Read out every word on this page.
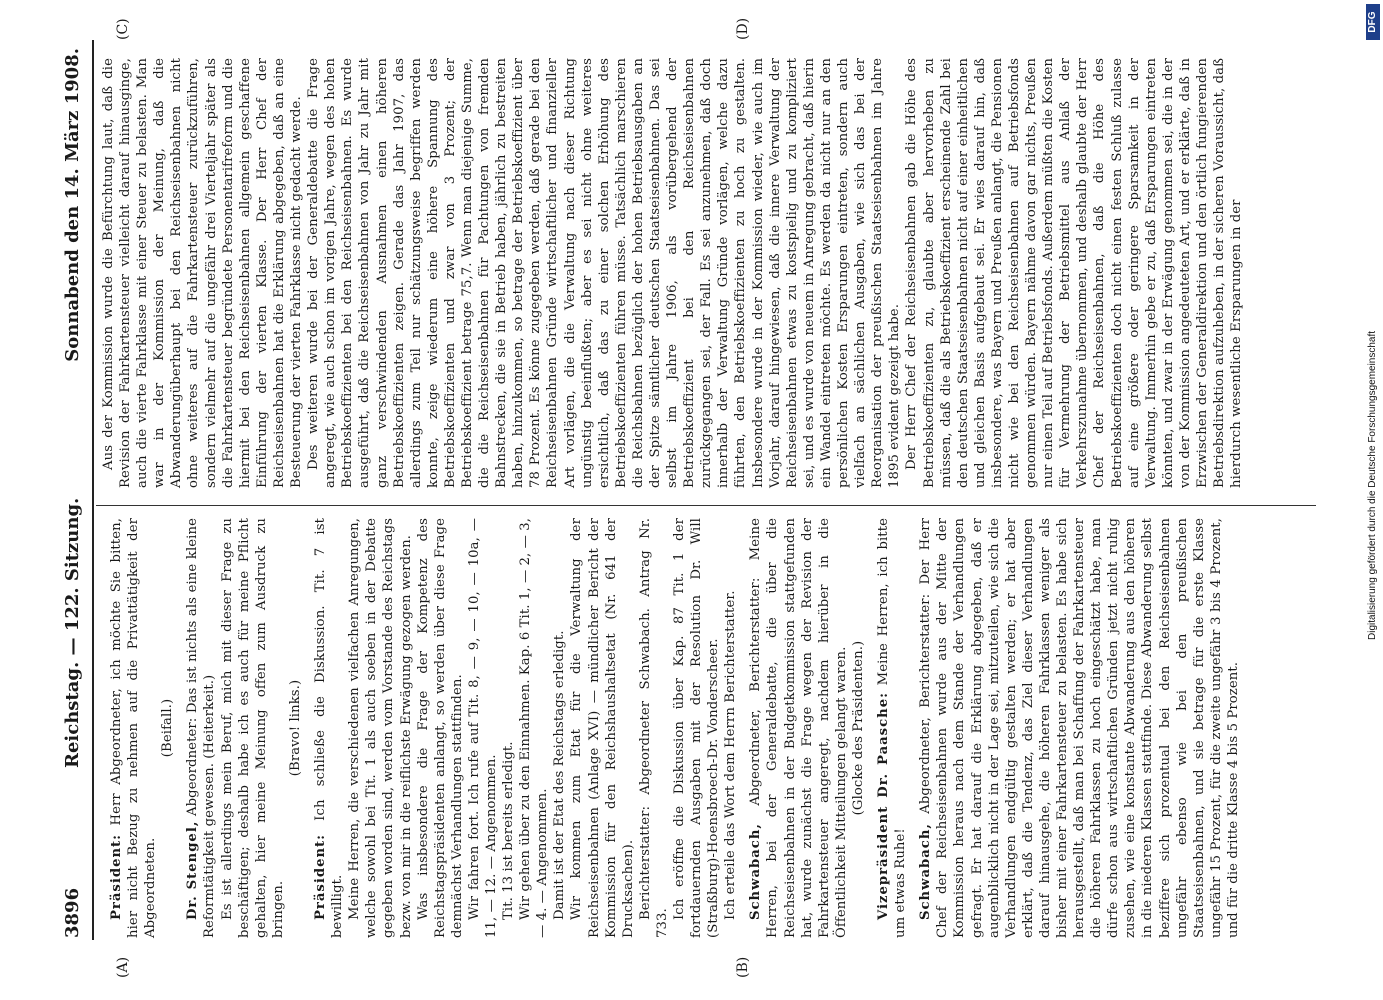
3896
Reichstag. — 122. Sitzung.
Sonnabend den 14. März 1908.
(A)	(B)
(C)	(D)

Präsident: Herr Abgeordneter, ich möchte Sie bitten, hier nicht Bezug zu nehmen auf die Privattätigkeit der Abgeordneten.

(Beifall.)

Dr. Stengel, Abgeordneter: Das ist nichts als eine kleine Reformtätigkeit gewesen. (Heiterkeit.) Es ist allerdings mein Beruf, mich mit dieser Frage zu beschäftigen; deshalb habe ich es auch für meine Pflicht gehalten, hier meine Meinung offen zum Ausdruck zu bringen.

(Bravo! links.)

Präsident: Ich schließe die Diskussion. Tit. 7 ist bewilligt. Meine Herren, die verschiedenen vielfachen Anregungen, welche sowohl bei Tit. 1 als auch soeben in der Debatte gegeben worden sind, werden vom Vorstande des Reichstags bezw. von mir in die reiflichste Erwägung gezogen werden. Was insbesondere die Frage der Kompetenz des Reichstagspräsidenten anlangt, so werden über diese Frage demnächst Verhandlungen stattfinden. Wir fahren fort. Ich rufe auf Tit. 8, — 9, — 10, — 10a, — 11, — 12. — Angenommen. Tit. 13 ist bereits erledigt. Wir gehen über zu den Einnahmen. Kap. 6 Tit. 1, — 2, — 3, — 4. — Angenommen. Damit ist der Etat des Reichstags erledigt. Wir kommen zum Etat für die Verwaltung der Reichseisenbahnen (Anlage XVI) — mündlicher Bericht der Kommission für den Reichshaushaltsetat (Nr. 641 der Drucksachen). Berichterstatter: Abgeordneter Schwabach. Antrag Nr. 733.

Ich eröffne die Diskussion über Kap. 87 Tit. 1 der fortdauernden Ausgaben mit der Resolution Dr. Will (Straßburg)-Hoensbroech-Dr. Vonderscheer. Ich erteile das Wort dem Herrn Berichterstatter. Schwabach, Abgeordneter, Berichterstatter: Meine Herren, bei der Generaldebatte, die über die Reichseisenbahnen in der Budgetkommission stattgefunden hat, wurde zunächst die Frage wegen der Revision der Fahrkartensteuer angeregt, nachdem hierüber in die Öffentlichkeit Mitteilungen gelangt waren. (Glocke des Präsidenten.) Vizepräsident Dr. Paasche: Meine Herren, ich bitte um etwas Ruhe! Schwabach, Abgeordneter, Berichterstatter: Der Herr Chef der Reichseisenbahnen wurde aus der Mitte der Kommission heraus nach dem Stande der Verhandlungen gefragt. Er hat darauf die Erklärung abgegeben, daß er augenblicklich nicht in der Lage sei, mitzuteilen, wie sich die Verhandlungen endgültig gestalten werden; er hat aber erklärt, daß die Tendenz, das Ziel dieser Verhandlungen darauf hinausgehe, die höheren Fahrklassen weniger als bisher mit einer Fahrkartensteuer zu belasten. Es habe sich herausgestellt, daß man bei Schaffung der Fahrkartensteuer die höheren Fahrklassen zu hoch eingeschätzt habe, man dürfe schon aus wirtschaftlichen Gründen jetzt nicht ruhig zusehen, wie eine konstante Abwanderung aus den höheren in die niederen Klassen stattfinde. Diese Abwanderung selbst beziffere sich prozentual bei den Reichseisenbahnen ungefähr ebenso wie bei den preußischen Staatseisenbahnen, und sie betrage für die erste Klasse ungefähr 15 Prozent, für die zweite ungefähr 3 bis 4 Prozent, und für die dritte Klasse 4 bis 5 Prozent.

Aus der Kommission wurde die Befürchtung laut, daß die Revision der Fahrkartensteuer vielleicht darauf hinausginge, auch die vierte Fahrklasse mit einer Steuer zu belasten. Man war in der Kommission der Meinung, daß die Abwanderungüberhaupt bei den Reichseisenbahnen nicht ohne weiteres auf die Fahrkartensteuer zurückzuführen, sondern vielmehr auf die ungefähr drei Vierteljahr später als die Fahrkartensteuer begründete Personentarifreform und die hiermit bei den Reichseisenbahnen allgemein geschaffene Einführung der vierten Klasse. Der Herr Chef der Reichseisenbahnen hat die Erklärung abgegeben, daß an eine Besteuerung der vierten Fahrklasse nicht gedacht werde. Des weiteren wurde bei der Generaldebatte die Frage angeregt, wie auch schon im vorigen Jahre, wegen des hohen Betriebskoeffizienten bei den Reichseisenbahnen. Es wurde ausgeführt, daß die Reichseisenbahnen von Jahr zu Jahr mit ganz verschwindenden Ausnahmen einen höheren Betriebskoeffizienten zeigen. Gerade das Jahr 1907, das allerdings zum Teil nur schätzungsweise begriffen werden konnte, zeige wiederum eine höhere Spannung des Betriebskoeffizienten und zwar von 3 Prozent; der Betriebskoeffizient betrage 75,7. Wenn man diejenige Summe, die die Reichseisenbahnen für Pachtungen von fremden Bahnstrecken, die sie in Betrieb haben, jährlich zu bestreiten haben, hinzukommen, so betrage der Betriebskoeffizient über 78 Prozent. Es könne zugegeben werden, daß gerade bei den Reichseisenbahnen Gründe wirtschaftlicher und finanzieller Art vorlägen, die die Verwaltung nach dieser Richtung ungünstig beeinflußten; aber es sei nicht ohne weiteres ersichtlich, daß das zu einer solchen Erhöhung des Betriebskoeffizienten führen müsse. Tatsächlich marschieren die Reichsbahnen bezüglich der hohen Betriebsausgaben an der Spitze sämtlicher deutschen Staatseisenbahnen. Das sei selbst im Jahre 1906, als vorübergehend der Betriebskoeffizient bei den Reichseisenbahnen zurückgegangen sei, der Fall. Es sei anzunehmen, daß doch innerhalb der Verwaltung Gründe vorlägen, welche dazu führten, den Betriebskoeffizienten zu hoch zu gestalten. Insbesondere wurde in der Kommission wieder, wie auch im Vorjahr, darauf hingewiesen, daß die innere Verwaltung der Reichseisenbahnen etwas zu kostspielig und zu kompliziert sei, und es wurde von neuem in Anregung gebracht, daß hierin ein Wandel eintreten möchte. Es werden da nicht nur an den persönlichen Kosten Ersparungen eintreten, sondern auch vielfach an sächlichen Ausgaben, wie sich das bei der Reorganisation der preußischen Staatseisenbahnen im Jahre 1895 evident gezeigt habe. Der Herr Chef der Reichseisenbahnen gab die Höhe des Betriebskoeffizienten zu, glaubte aber hervorheben zu müssen, daß die als Betriebskoeffizient erscheinende Zahl bei den deutschen Staatseisenbahnen nicht auf einer einheitlichen und gleichen Basis aufgebaut sei. Er wies darauf hin, daß insbesondere, was Bayern und Preußen anlangt, die Pensionen nicht wie bei den Reichseisenbahnen auf Betriebsfonds genommen würden. Bayern nähme davon gar nichts, Preußen nur einen Teil auf Betriebsfonds. Außerdem müßten die Kosten für Vermehrung der Betriebsmittel aus Anlaß der Verkehrszunahme übernommen, und deshalb glaubte der Herr Chef der Reichseisenbahnen, daß die Höhe des Betriebskoeffizienten doch nicht einen festen Schluß zulasse auf eine größere oder geringere Sparsamkeit in der Verwaltung. Immerhin gebe er zu, daß Ersparungen eintreten könnten, und zwar in der Erwägung genommen sei, die in der von der Kommission angedeuteten Art, und er erklärte, daß in Erzwischen der Generaldirektion und den örtlich fungierenden Betriebsdirektion aufzuheben, in der sicheren Voraussicht, daß hierdurch wesentliche Ersparungen in der	Digitalisierung gefördert durch die Deutsche Forschungsgemeinschaft
DFG
